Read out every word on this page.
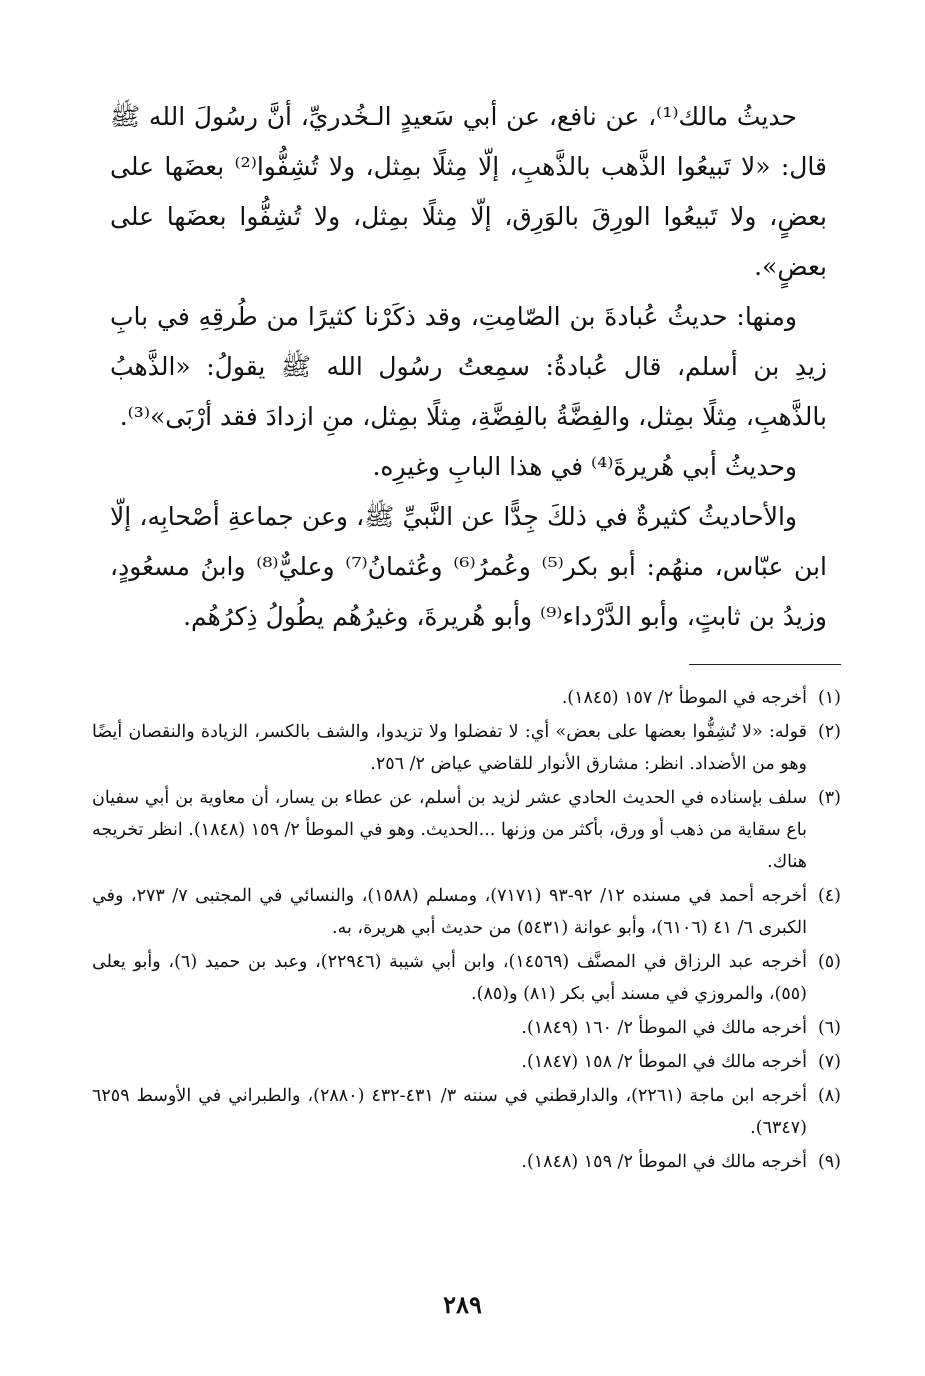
حديثُ مالك⁽¹⁾، عن نافع، عن أبي سَعيدٍ الـخُدريِّ، أنَّ رسُولَ الله ﷺ قال: «لا تَبيعُوا الذَّهب بالذَّهبِ، إلّا مِثلًا بمِثل، ولا تُشِفُّوا⁽²⁾ بعضَها على بعضٍ، ولا تَبيعُوا الورِقَ بالوَرِق، إلّا مِثلًا بمِثل، ولا تُشِفُّوا بعضَها على بعضٍ».

ومنها: حديثُ عُبادةَ بن الصّامِتِ، وقد ذكَرْنا كثيرًا من طُرقِهِ في بابِ زيدِ بن أسلم، قال عُبادةُ: سمِعتُ رسُول الله ﷺ يقولُ: «الذَّهبُ بالذَّهبِ، مِثلًا بمِثل، والفِضَّةُ بالفِضَّةِ، مِثلًا بمِثل، منِ ازدادَ فقد أرْبَى»⁽³⁾.

وحديثُ أبي هُريرةَ⁽⁴⁾ في هذا البابِ وغيرِه.

والأحاديثُ كثيرةٌ في ذلكَ جِدًّا عن النَّبيِّ ﷺ، وعن جماعةِ أصْحابِه، إلّا ابن عبّاس، منهُم: أبو بكر⁽⁵⁾ وعُمرُ⁽⁶⁾ وعُثمانُ⁽⁷⁾ وعليٌّ⁽⁸⁾ وابنُ مسعُودٍ، وزيدُ بن ثابتٍ، وأبو الدَّرْداء⁽⁹⁾ وأبو هُريرةَ، وغيرُهُم يطُولُ ذِكرُهُم.

(١)
أخرجه في الموطأ ٢/ ١٥٧ (١٨٤٥).
(٢)
قوله: «لا تُشِفُّوا بعضها على بعض» أي: لا تفضلوا ولا تزيدوا، والشف بالكسر، الزيادة والنقصان أيضًا وهو من الأضداد. انظر: مشارق الأنوار للقاضي عياض ٢/ ٢٥٦.
(٣)
سلف بإسناده في الحديث الحادي عشر لزيد بن أسلم، عن عطاء بن يسار، أن معاوية بن أبي سفيان باع سقاية من ذهب أو ورق، بأكثر من وزنها ...الحديث. وهو في الموطأ ٢/ ١٥٩ (١٨٤٨). انظر تخريجه هناك.
(٤)
أخرجه أحمد في مسنده ١٢/ ٩٢-٩٣ (٧١٧١)، ومسلم (١٥٨٨)، والنسائي في المجتبى ٧/ ٢٧٣، وفي الكبرى ٦/ ٤١ (٦١٠٦)، وأبو عوانة (٥٤٣١) من حديث أبي هريرة، به.
(٥)
أخرجه عبد الرزاق في المصنَّف (١٤٥٦٩)، وابن أبي شيبة (٢٢٩٤٦)، وعبد بن حميد (٦)، وأبو يعلى (٥٥)، والمروزي في مسند أبي بكر (٨١) و(٨٥).
(٦)
أخرجه مالك في الموطأ ٢/ ١٦٠ (١٨٤٩).
(٧)
أخرجه مالك في الموطأ ٢/ ١٥٨ (١٨٤٧).
(٨)
أخرجه ابن ماجة (٢٢٦١)، والدارقطني في سننه ٣/ ٤٣١-٤٣٢ (٢٨٨٠)، والطبراني في الأوسط ٦٢٥٩ (٦٣٤٧).
(٩)
أخرجه مالك في الموطأ ٢/ ١٥٩ (١٨٤٨).
٢٨٩
